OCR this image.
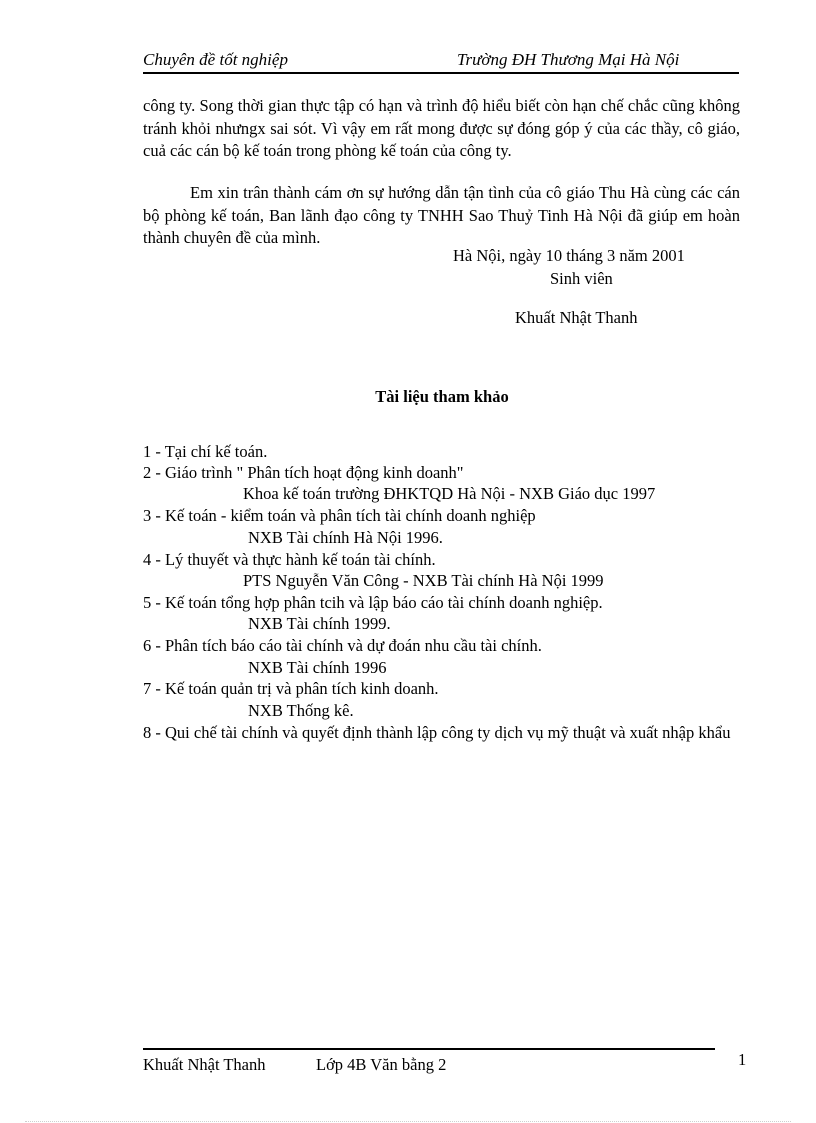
Chuyên đề tốt nghiệp	Trường ĐH Thương Mại Hà Nội

công ty. Song thời gian thực tập có hạn và trình độ hiểu biết còn hạn chế chắc cũng không tránh khỏi nhưngx sai sót. Vì vậy em rất mong được sự đóng góp ý của các thầy, cô giáo, cuả các cán bộ kế toán trong phòng kế toán của công ty.

Em xin trân thành cám ơn sự hướng dẫn tận tình của cô giáo Thu Hà cùng các cán bộ phòng kế toán, Ban lãnh đạo công ty TNHH Sao Thuỷ Tinh Hà Nội đã giúp em hoàn thành chuyên đề của mình.

Hà Nội, ngày 10 tháng 3 năm 2001
Sinh viên
Khuất Nhật Thanh
Tài liệu tham khảo
1 - Tại chí kế toán.
2 - Giáo trình " Phân tích hoạt động kinh doanh"
Khoa kế toán trường ĐHKTQD Hà Nội - NXB Giáo dục 1997
3 - Kế toán - kiểm toán và phân tích tài chính doanh nghiệp
NXB Tài chính Hà Nội 1996.
4 - Lý thuyết và thực hành kế toán tài chính.
PTS Nguyễn Văn Công - NXB Tài chính Hà Nội 1999
5 - Kế toán tổng hợp phân tcih và lập báo cáo tài chính doanh nghiệp.
NXB Tài chính 1999.
6 - Phân tích báo cáo tài chính và dự đoán nhu cầu tài chính.
NXB Tài chính 1996
7 - Kế toán quản trị và phân tích kinh doanh.
NXB Thống kê.
8 - Qui chế tài chính và quyết định thành lập công ty dịch vụ mỹ thuật và xuất nhập khẩu
Khuất Nhật Thanh	Lớp 4B Văn bằng 2	1
